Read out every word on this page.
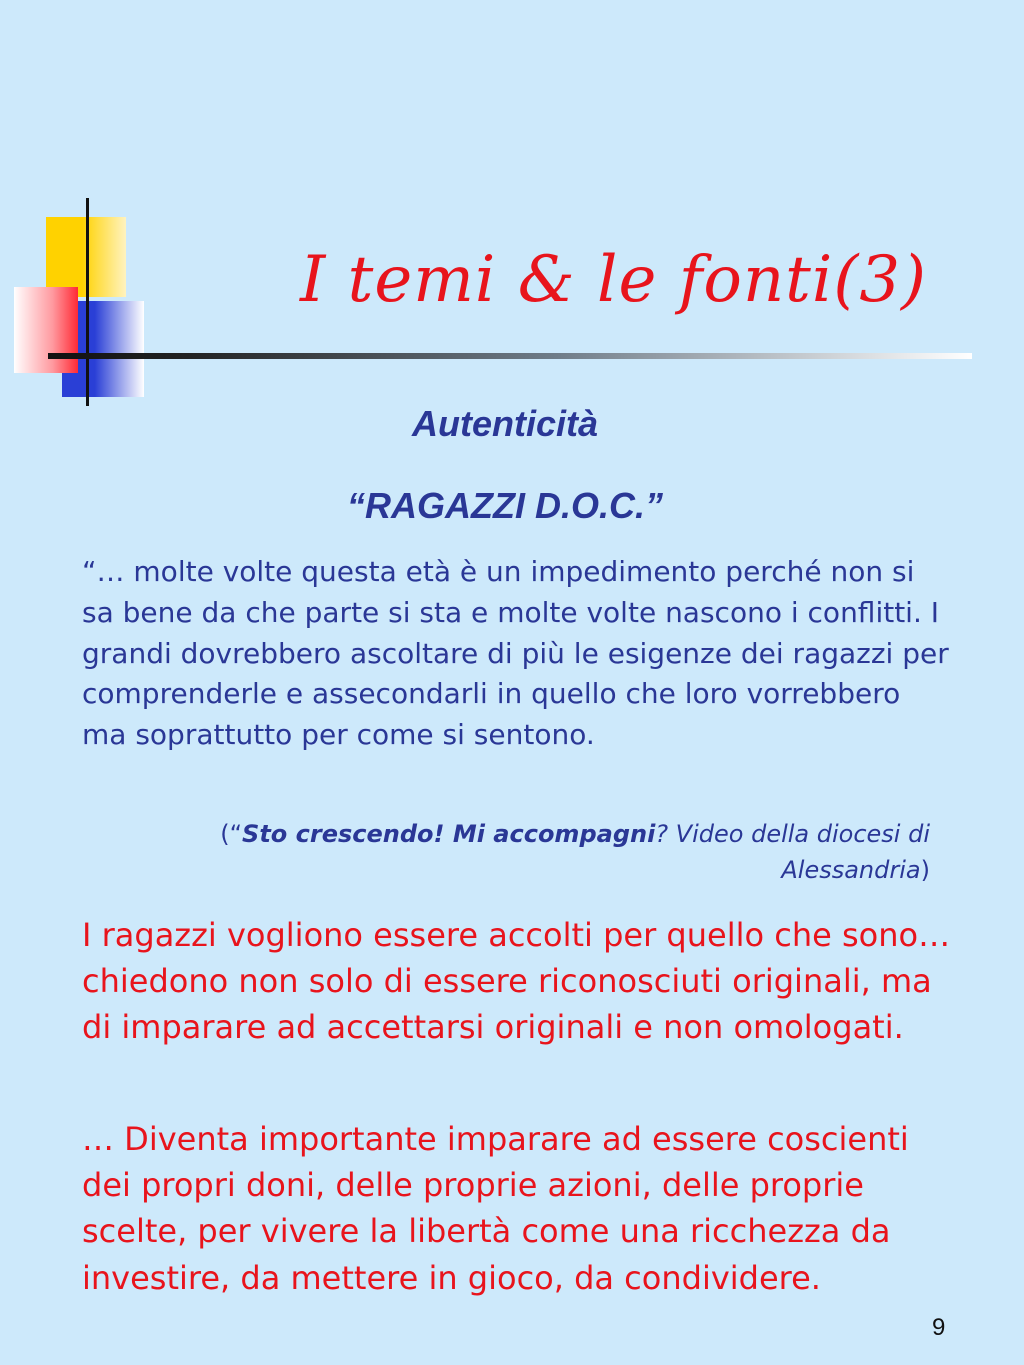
I temi & le fonti(3)
Autenticità
“RAGAZZI D.O.C.”

“… molte volte questa età è un impedimento perché non si sa bene da che parte si sta e molte volte nascono i conflitti. I grandi dovrebbero ascoltare di più le esigenze dei ragazzi per comprenderle e assecondarli in quello che loro vorrebbero ma soprattutto per come si sentono.

(“Sto crescendo! Mi accompagni? Video della diocesi di Alessandria)

I ragazzi vogliono essere accolti per quello che sono… chiedono non solo di essere riconosciuti originali, ma di imparare ad accettarsi originali e non omologati.

… Diventa importante imparare ad essere coscienti dei propri doni, delle proprie azioni, delle proprie scelte, per vivere la libertà come una ricchezza da investire, da mettere in gioco, da condividere.

9
